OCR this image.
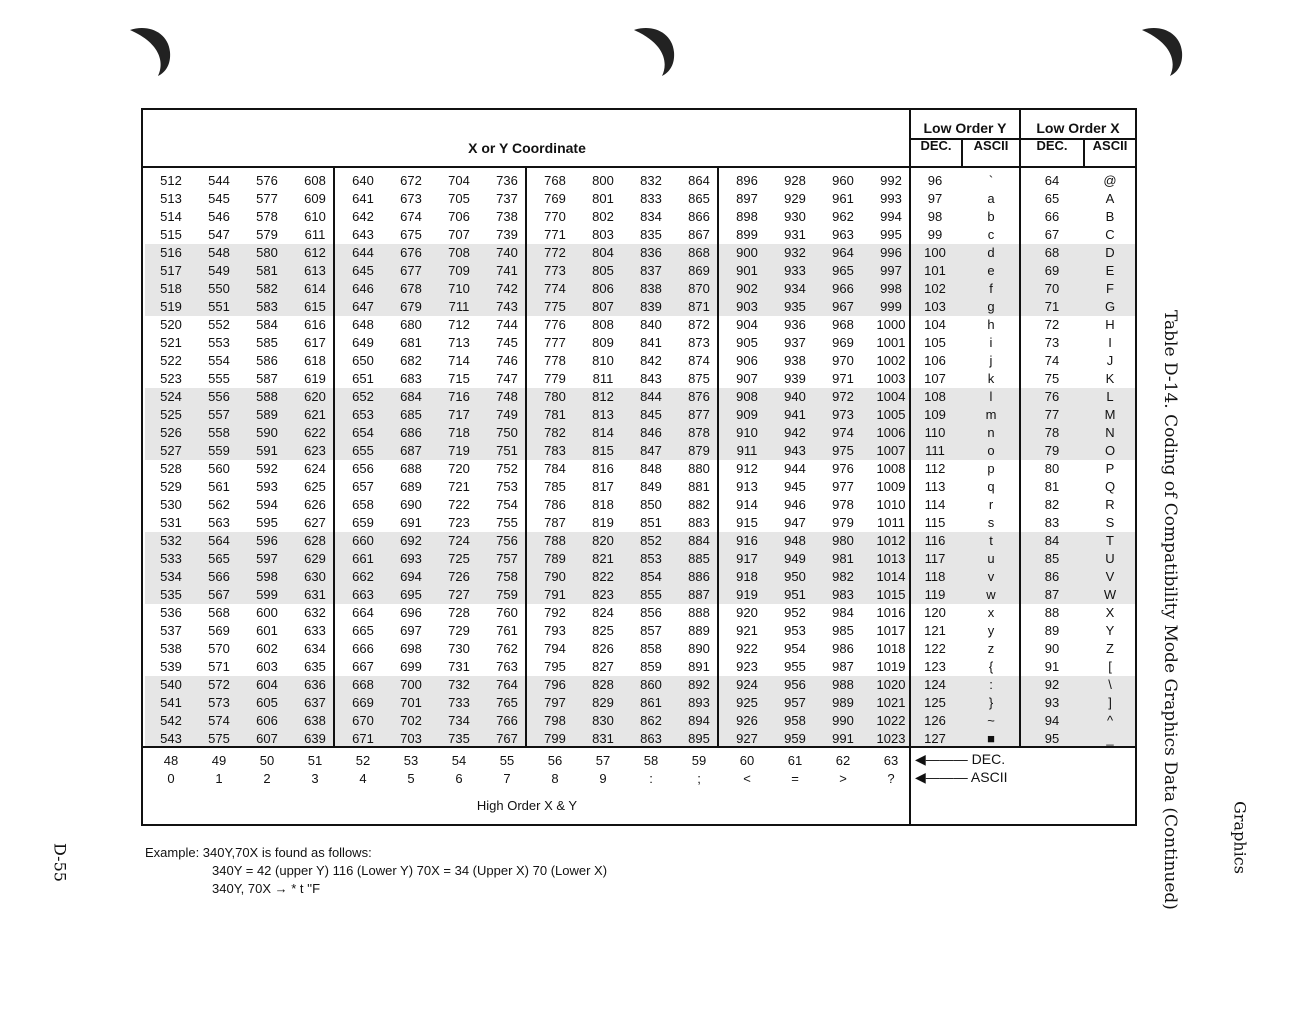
X or Y Coordinate
Low Order Y	Low Order X
DEC.	ASCII	DEC.	ASCII
512	544	576	608	640	672	704	736	768	800	832	864	896	928	960	992	96	`	64	@
513	545	577	609	641	673	705	737	769	801	833	865	897	929	961	993	97	a	65	A
514	546	578	610	642	674	706	738	770	802	834	866	898	930	962	994	98	b	66	B
515	547	579	611	643	675	707	739	771	803	835	867	899	931	963	995	99	c	67	C
516	548	580	612	644	676	708	740	772	804	836	868	900	932	964	996	100	d	68	D
517	549	581	613	645	677	709	741	773	805	837	869	901	933	965	997	101	e	69	E
518	550	582	614	646	678	710	742	774	806	838	870	902	934	966	998	102	f	70	F
519	551	583	615	647	679	711	743	775	807	839	871	903	935	967	999	103	g	71	G
520	552	584	616	648	680	712	744	776	808	840	872	904	936	968	1000	104	h	72	H
521	553	585	617	649	681	713	745	777	809	841	873	905	937	969	1001	105	i	73	I
522	554	586	618	650	682	714	746	778	810	842	874	906	938	970	1002	106	j	74	J
523	555	587	619	651	683	715	747	779	811	843	875	907	939	971	1003	107	k	75	K
524	556	588	620	652	684	716	748	780	812	844	876	908	940	972	1004	108	l	76	L
525	557	589	621	653	685	717	749	781	813	845	877	909	941	973	1005	109	m	77	M
526	558	590	622	654	686	718	750	782	814	846	878	910	942	974	1006	110	n	78	N
527	559	591	623	655	687	719	751	783	815	847	879	911	943	975	1007	111	o	79	O
528	560	592	624	656	688	720	752	784	816	848	880	912	944	976	1008	112	p	80	P
529	561	593	625	657	689	721	753	785	817	849	881	913	945	977	1009	113	q	81	Q
530	562	594	626	658	690	722	754	786	818	850	882	914	946	978	1010	114	r	82	R
531	563	595	627	659	691	723	755	787	819	851	883	915	947	979	1011	115	s	83	S
532	564	596	628	660	692	724	756	788	820	852	884	916	948	980	1012	116	t	84	T
533	565	597	629	661	693	725	757	789	821	853	885	917	949	981	1013	117	u	85	U
534	566	598	630	662	694	726	758	790	822	854	886	918	950	982	1014	118	v	86	V
535	567	599	631	663	695	727	759	791	823	855	887	919	951	983	1015	119	w	87	W
536	568	600	632	664	696	728	760	792	824	856	888	920	952	984	1016	120	x	88	X
537	569	601	633	665	697	729	761	793	825	857	889	921	953	985	1017	121	y	89	Y
538	570	602	634	666	698	730	762	794	826	858	890	922	954	986	1018	122	z	90	Z
539	571	603	635	667	699	731	763	795	827	859	891	923	955	987	1019	123	{	91	[
540	572	604	636	668	700	732	764	796	828	860	892	924	956	988	1020	124	:	92	\
541	573	605	637	669	701	733	765	797	829	861	893	925	957	989	1021	125	}	93	]
542	574	606	638	670	702	734	766	798	830	862	894	926	958	990	1022	126	~	94	^
543	575	607	639	671	703	735	767	799	831	863	895	927	959	991	1023	127	■	95	_
48	49	50	51	52	53	54	55	56	57	58	59	60	61	62	63
0	1	2	3	4	5	6	7	8	9	:	;	<	=	>	?
◀——— DEC.
◀——— ASCII
High Order X & Y
Example: 340Y,70X is found as follows:
340Y = 42 (upper Y) 116 (Lower Y) 70X = 34 (Upper X) 70 (Lower X)
340Y, 70X → * t ''F	Table D-14. Coding of Compatibility Mode Graphics Data (Continued)	Graphics
D-55
